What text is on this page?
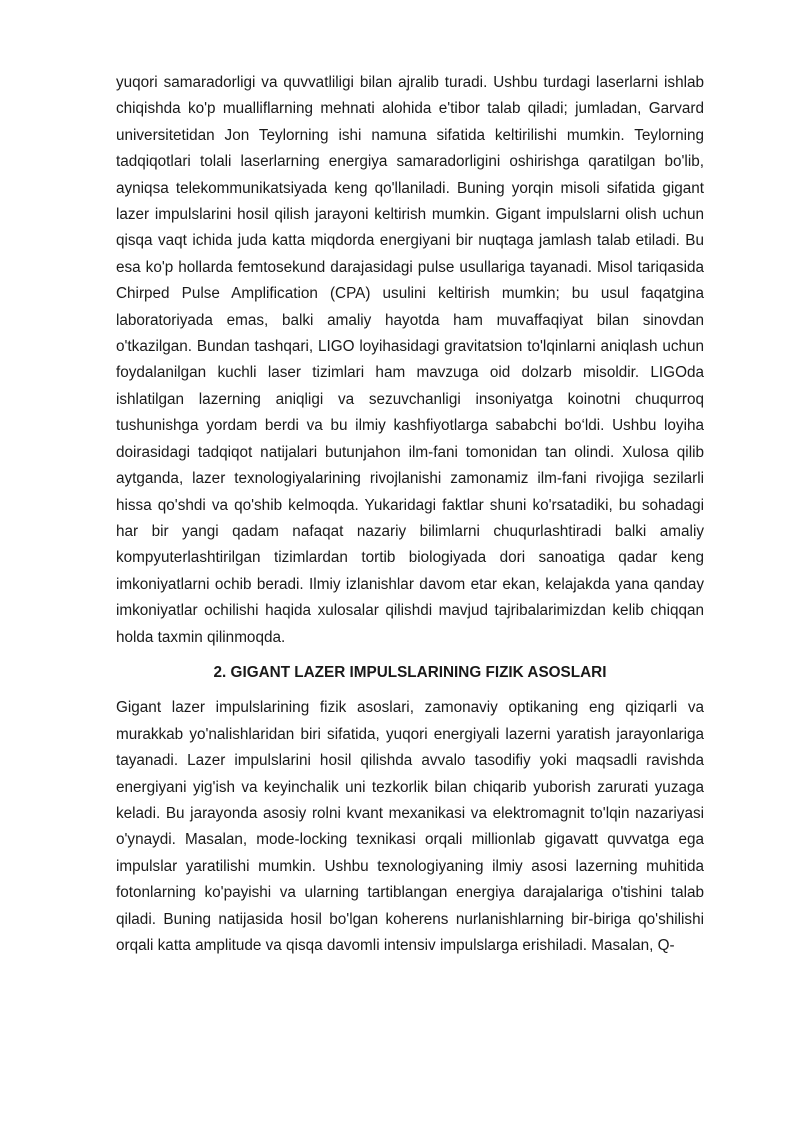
yuqori samaradorligi va quvvatliligi bilan ajralib turadi. Ushbu turdagi laserlarni ishlab chiqishda ko'p mualliflarning mehnati alohida e'tibor talab qiladi; jumladan, Garvard universitetidan Jon Teylorning ishi namuna sifatida keltirilishi mumkin. Teylorning tadqiqotlari tolali laserlarning energiya samaradorligini oshirishga qaratilgan bo'lib, ayniqsa telekommunikatsiyada keng qo'llaniladi. Buning yorqin misoli sifatida gigant lazer impulslarini hosil qilish jarayoni keltirish mumkin. Gigant impulslarni olish uchun qisqa vaqt ichida juda katta miqdorda energiyani bir nuqtaga jamlash talab etiladi. Bu esa ko'p hollarda femtosekund darajasidagi pulse usullariga tayanadi. Misol tariqasida Chirped Pulse Amplification (CPA) usulini keltirish mumkin; bu usul faqatgina laboratoriyada emas, balki amaliy hayotda ham muvaffaqiyat bilan sinovdan o'tkazilgan. Bundan tashqari, LIGO loyihasidagi gravitatsion to'lqinlarni aniqlash uchun foydalanilgan kuchli laser tizimlari ham mavzuga oid dolzarb misoldir. LIGOda ishlatilgan lazerning aniqligi va sezuvchanligi insoniyatga koinotni chuqurroq tushunishga yordam berdi va bu ilmiy kashfiyotlarga sababchi bo‘ldi. Ushbu loyiha doirasidagi tadqiqot natijalari butunjahon ilm-fani tomonidan tan olindi. Xulosa qilib aytganda, lazer texnologiyalarining rivojlanishi zamonamiz ilm-fani rivojiga sezilarli hissa qo'shdi va qo'shib kelmoqda. Yukaridagi faktlar shuni ko'rsatadiki, bu sohadagi har bir yangi qadam nafaqat nazariy bilimlarni chuqurlashtiradi balki amaliy kompyuterlashtirilgan tizimlardan tortib biologiyada dori sanoatiga qadar keng imkoniyatlarni ochib beradi. Ilmiy izlanishlar davom etar ekan, kelajakda yana qanday imkoniyatlar ochilishi haqida xulosalar qilishdi mavjud tajribalarimizdan kelib chiqqan holda taxmin qilinmoqda.

2. GIGANT LAZER IMPULSLARINING FIZIK ASOSLARI

Gigant lazer impulslarining fizik asoslari, zamonaviy optikaning eng qiziqarli va murakkab yo'nalishlaridan biri sifatida, yuqori energiyali lazerni yaratish jarayonlariga tayanadi. Lazer impulslarini hosil qilishda avvalo tasodifiy yoki maqsadli ravishda energiyani yig'ish va keyinchalik uni tezkorlik bilan chiqarib yuborish zarurati yuzaga keladi. Bu jarayonda asosiy rolni kvant mexanikasi va elektromagnit to'lqin nazariyasi o'ynaydi. Masalan, mode-locking texnikasi orqali millionlab gigavatt quvvatga ega impulslar yaratilishi mumkin. Ushbu texnologiyaning ilmiy asosi lazerning muhitida fotonlarning ko'payishi va ularning tartiblangan energiya darajalariga o'tishini talab qiladi. Buning natijasida hosil bo'lgan koherens nurlanishlarning bir-biriga qo'shilishi orqali katta amplitude va qisqa davomli intensiv impulslarga erishiladi. Masalan, Q-
